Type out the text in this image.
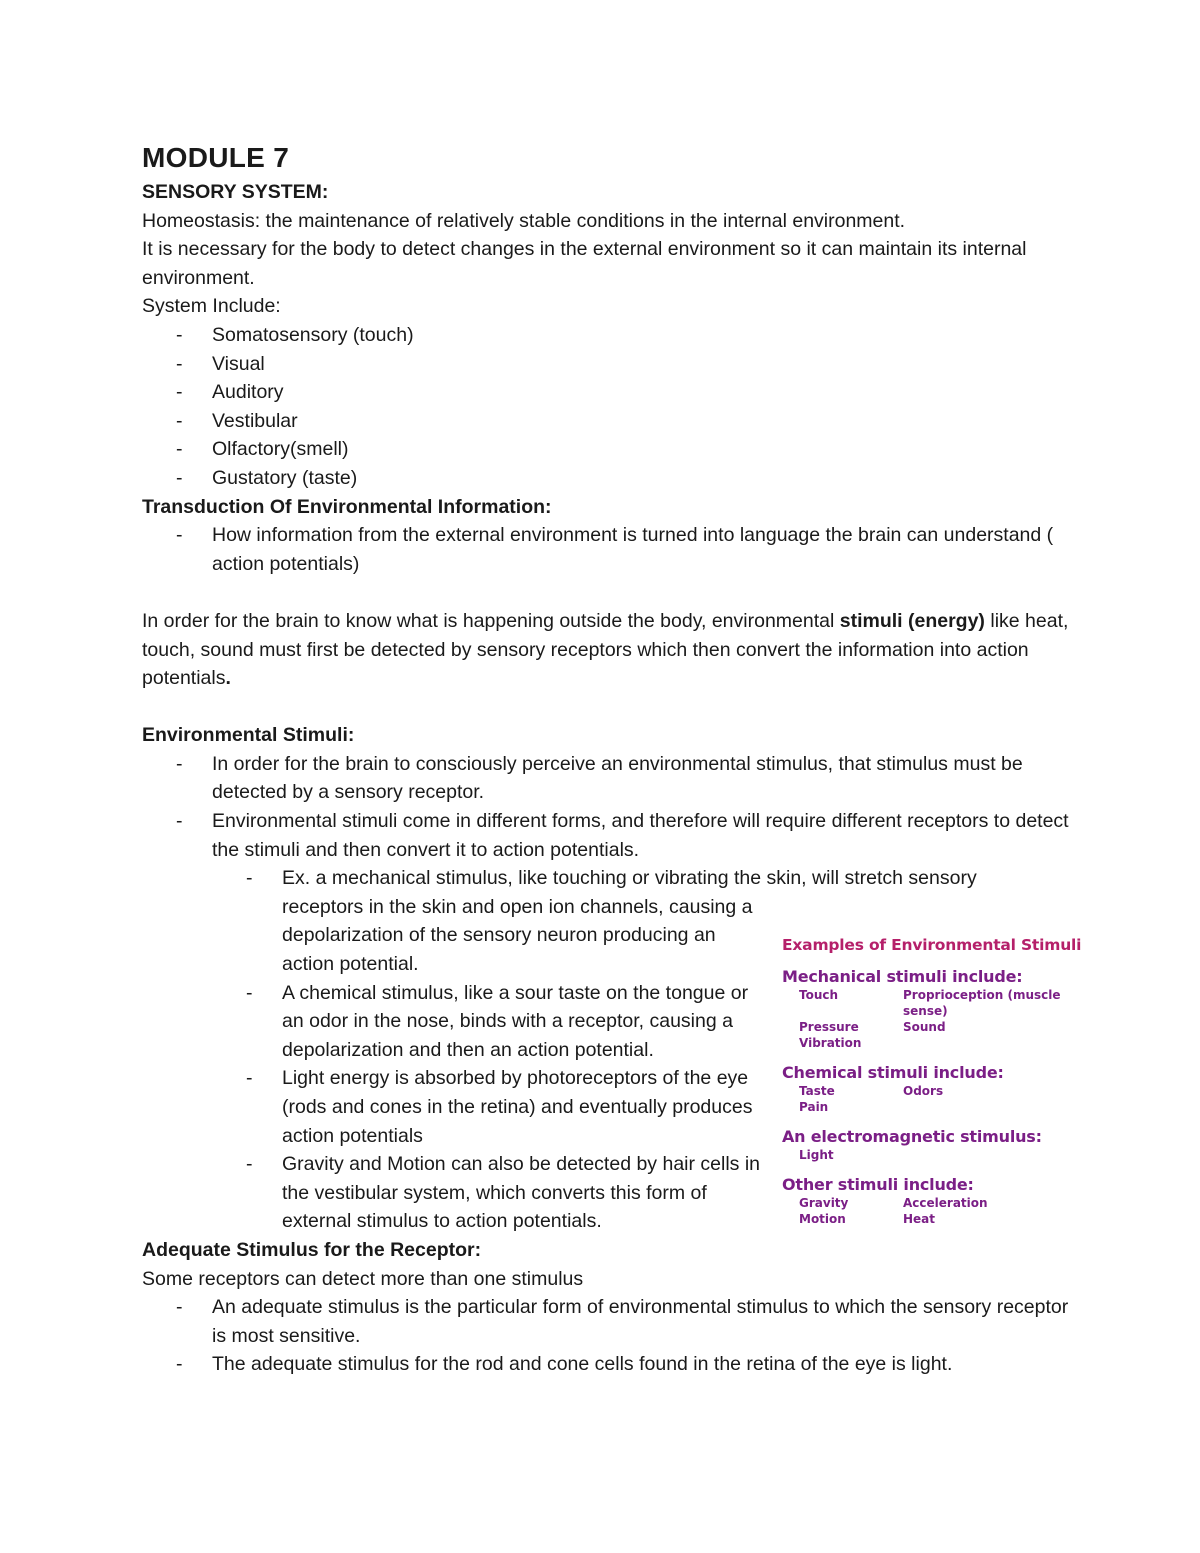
MODULE 7

SENSORY SYSTEM:

Homeostasis: the maintenance of relatively stable conditions in the internal environment.

It is necessary for the body to detect changes in the external environment so it can maintain its internal environment.

System Include:

- Somatosensory (touch)
- Visual
- Auditory
- Vestibular
- Olfactory(smell)
- Gustatory (taste)

Transduction Of Environmental Information:

- How information from the external environment is turned into language the brain can understand ( action potentials)

In order for the brain to know what is happening outside the body, environmental stimuli (energy) like heat, touch, sound must first be detected by sensory receptors which then convert the information into action potentials.

Environmental Stimuli:

- In order for the brain to consciously perceive an environmental stimulus, that stimulus must be detected by a sensory receptor.
- Environmental stimuli come in different forms, and therefore will require different receptors to detect the stimuli and then convert it to action potentials.
- Ex. a mechanical stimulus, like touching or vibrating the skin, will stretch sensory
receptors in the skin and open ion channels, causing a depolarization of the sensory neuron producing an action potential.
- A chemical stimulus, like a sour taste on the tongue or an odor in the nose, binds with a receptor, causing a depolarization and then an action potential.
- Light energy is absorbed by photoreceptors of the eye (rods and cones in the retina) and eventually produces action potentials
- Gravity and Motion can also be detected by hair cells in the vestibular system, which converts this form of external stimulus to action potentials.

Adequate Stimulus for the Receptor:

Some receptors can detect more than one stimulus

- An adequate stimulus is the particular form of environmental stimulus to which the sensory receptor is most sensitive.
- The adequate stimulus for the rod and cone cells found in the retina of the eye is light.
Examples of Environmental Stimuli
Mechanical stimuli include:
Touch	Proprioception (muscle sense)
Pressure	Sound
Vibration
Chemical stimuli include:
Taste	Odors
Pain
An electromagnetic stimulus:
Light
Other stimuli include:
Gravity	Acceleration
Motion	Heat
